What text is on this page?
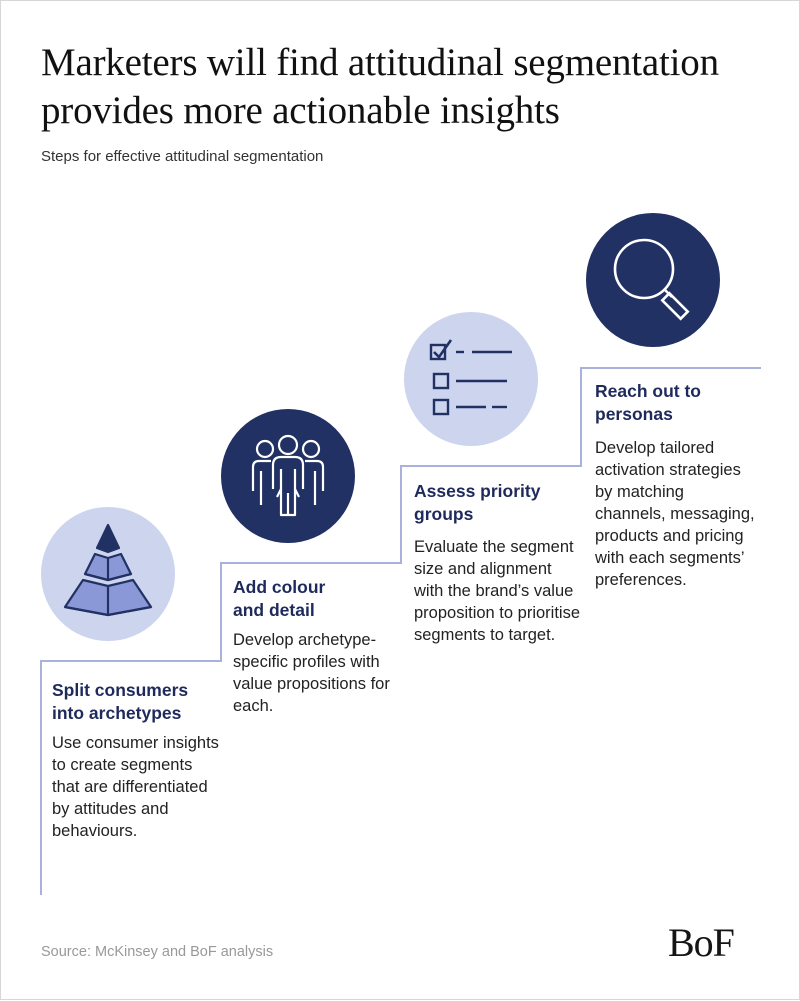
Marketers will find attitudinal segmentation provides more actionable insights
Steps for effective attitudinal segmentation
Split consumers into archetypes
Use consumer insights to create segments that are differentiated by attitudes and behaviours.
Add colour and detail
Develop archetype-specific profiles with value propositions for each.
Assess priority groups
Evaluate the segment size and alignment with the brand’s value proposition to prioritise segments to target.
Reach out to personas
Develop tailored activation strategies by matching channels, messaging, products and pricing with each segments’ preferences.
Source: McKinsey and BoF analysis	BoF
